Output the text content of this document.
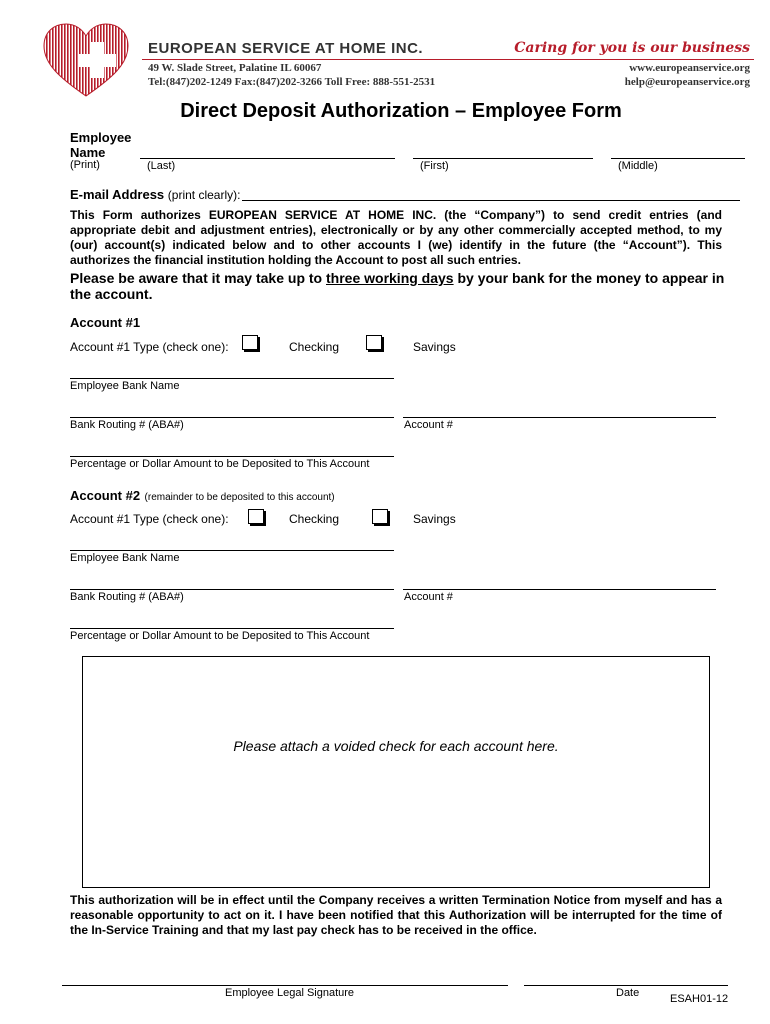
EUROPEAN SERVICE AT HOME INC.	Caring for you is our business
49 W. Slade Street, Palatine IL 60067
Tel:(847)202-1249 Fax:(847)202-3266 Toll Free: 888-551-2531
www.europeanservice.org
help@europeanservice.org
Direct Deposit Authorization – Employee Form
Employee
Name
(Print)	(Last)	(First)	(Middle)
E-mail Address (print clearly):
This Form authorizes EUROPEAN SERVICE AT HOME INC. (the “Company”) to send credit entries (and appropriate debit and adjustment entries), electronically or by any other commercially accepted method, to my (our) account(s) indicated below and to other accounts I (we) identify in the future (the “Account”). This authorizes the financial institution holding the Account to post all such entries.
Please be aware that it may take up to three working days by your bank for the money to appear in the account.
Account #1
Account #1 Type (check one):	Checking	Savings
Employee Bank Name
Bank Routing # (ABA#)	Account #
Percentage or Dollar Amount to be Deposited to This Account
Account #2 (remainder to be deposited to this account)
Account #1 Type (check one):	Checking	Savings
Employee Bank Name
Bank Routing # (ABA#)	Account #
Percentage or Dollar Amount to be Deposited to This Account
Please attach a voided check for each account here.
This authorization will be in effect until the Company receives a written Termination Notice from myself and has a reasonable opportunity to act on it. I have been notified that this Authorization will be interrupted for the time of the In-Service Training and that my last pay check has to be received in the office.
Employee Legal Signature	Date	ESAH01-12
